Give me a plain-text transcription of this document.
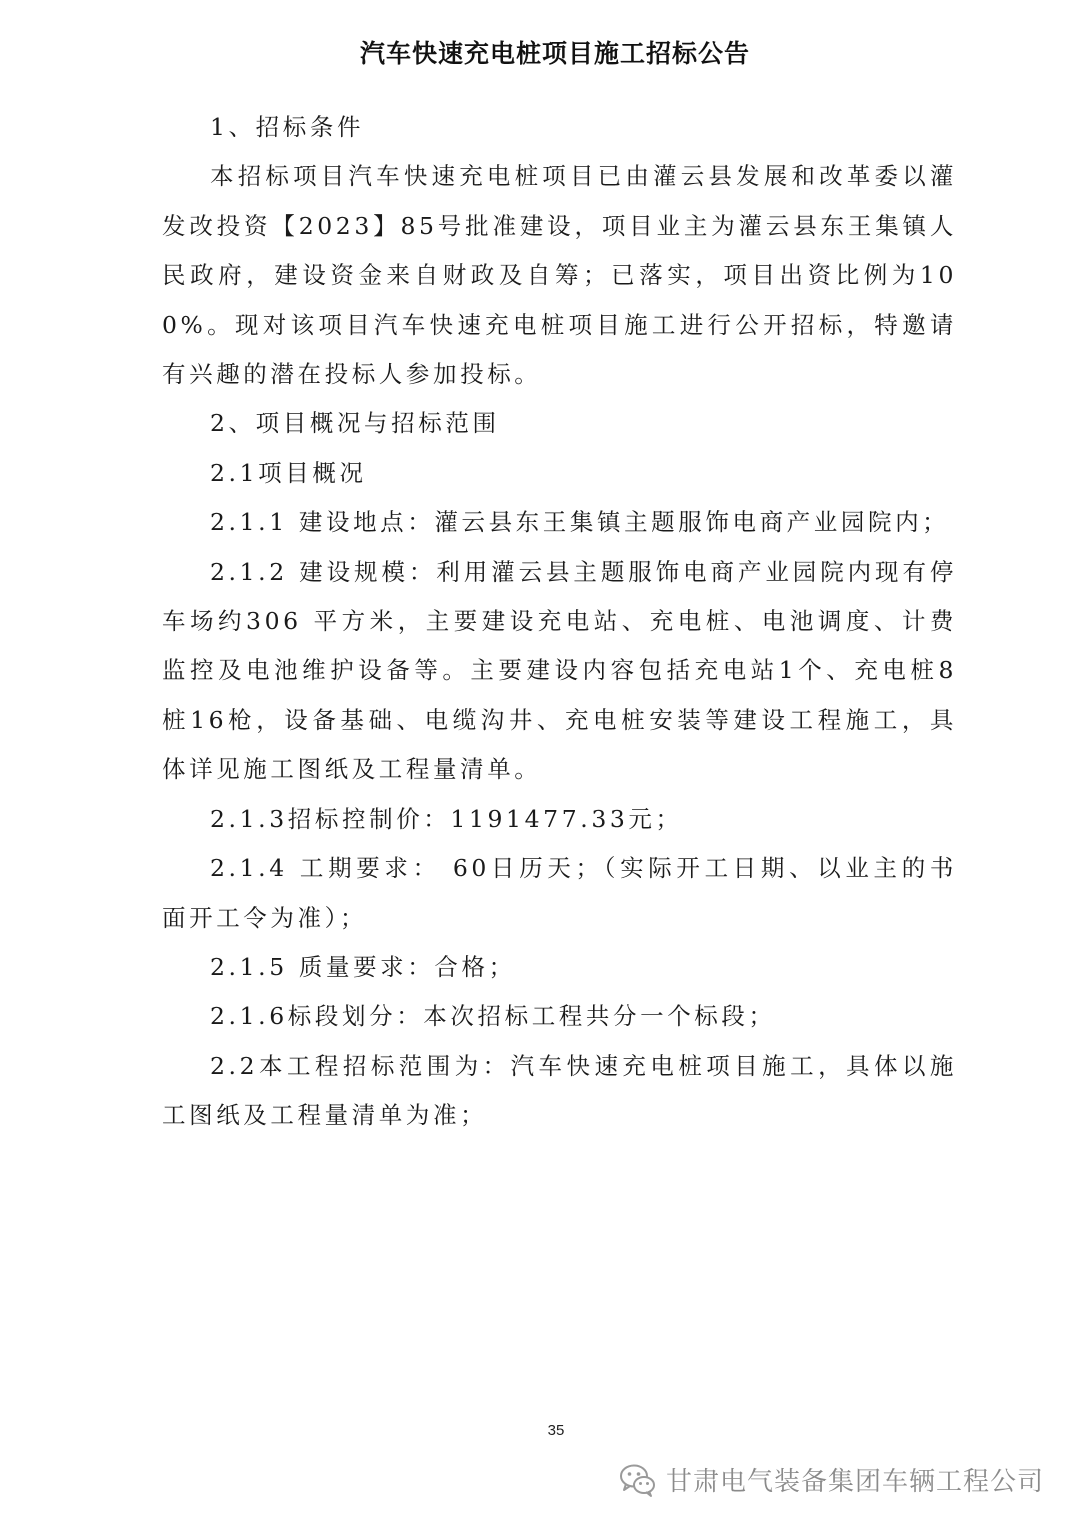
汽车快速充电桩项目施工招标公告

1、招标条件

本招标项目汽车快速充电桩项目已由灌云县发展和改革委以灌发改投资【2023】85号批准建设，项目业主为灌云县东王集镇人民政府，建设资金来自财政及自筹；已落实，项目出资比例为100%。现对该项目汽车快速充电桩项目施工进行公开招标，特邀请有兴趣的潜在投标人参加投标。

2、项目概况与招标范围

2.1项目概况

2.1.1 建设地点：灌云县东王集镇主题服饰电商产业园院内；

2.1.2 建设规模：利用灌云县主题服饰电商产业园院内现有停车场约306 平方米，主要建设充电站、充电桩、电池调度、计费监控及电池维护设备等。主要建设内容包括充电站1个、充电桩8桩16枪，设备基础、电缆沟井、充电桩安装等建设工程施工，具体详见施工图纸及工程量清单。

2.1.3招标控制价：1191477.33元；

2.1.4 工期要求： 60日历天；（实际开工日期、以业主的书面开工令为准）；

2.1.5 质量要求：合格；

2.1.6标段划分：本次招标工程共分一个标段；

2.2本工程招标范围为：汽车快速充电桩项目施工，具体以施工图纸及工程量清单为准；

35
甘肃电气装备集团车辆工程公司
